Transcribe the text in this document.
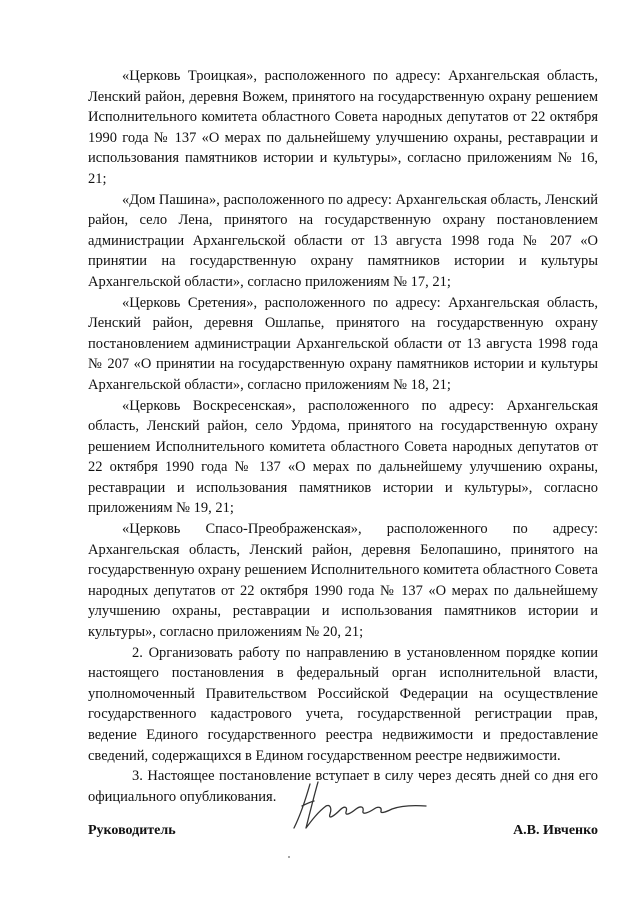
«Церковь Троицкая», расположенного по адресу: Архангельская область, Ленский район, деревня Вожем, принятого на государственную охрану решением Исполнительного комитета областного Совета народных депутатов от 22 октября 1990 года № 137 «О мерах по дальнейшему улучшению охраны, реставрации и использования памятников истории и культуры», согласно приложениям № 16, 21;

«Дом Пашина», расположенного по адресу: Архангельская область, Ленский район, село Лена, принятого на государственную охрану постановлением администрации Архангельской области от 13 августа 1998 года № 207 «О принятии на государственную охрану памятников истории и культуры Архангельской области», согласно приложениям № 17, 21;

«Церковь Сретения», расположенного по адресу: Архангельская область, Ленский район, деревня Ошлапье, принятого на государственную охрану постановлением администрации Архангельской области от 13 августа 1998 года № 207 «О принятии на государственную охрану памятников истории и культуры Архангельской области», согласно приложениям № 18, 21;

«Церковь Воскресенская», расположенного по адресу: Архангельская область, Ленский район, село Урдома, принятого на государственную охрану решением Исполнительного комитета областного Совета народных депутатов от 22 октября 1990 года № 137 «О мерах по дальнейшему улучшению охраны, реставрации и использования памятников истории и культуры», согласно приложениям № 19, 21;

«Церковь Спасо-Преображенская», расположенного по адресу: Архангельская область, Ленский район, деревня Белопашино, принятого на государственную охрану решением Исполнительного комитета областного Совета народных депутатов от 22 октября 1990 года № 137 «О мерах по дальнейшему улучшению охраны, реставрации и использования памятников истории и культуры», согласно приложениям № 20, 21;

2. Организовать работу по направлению в установленном порядке копии настоящего постановления в федеральный орган исполнительной власти, уполномоченный Правительством Российской Федерации на осуществление государственного кадастрового учета, государственной регистрации прав, ведение Единого государственного реестра недвижимости и предоставление сведений, содержащихся в Едином государственном реестре недвижимости.

3. Настоящее постановление вступает в силу через десять дней со дня его официального опубликования.

Руководитель	А.В. Ивченко
